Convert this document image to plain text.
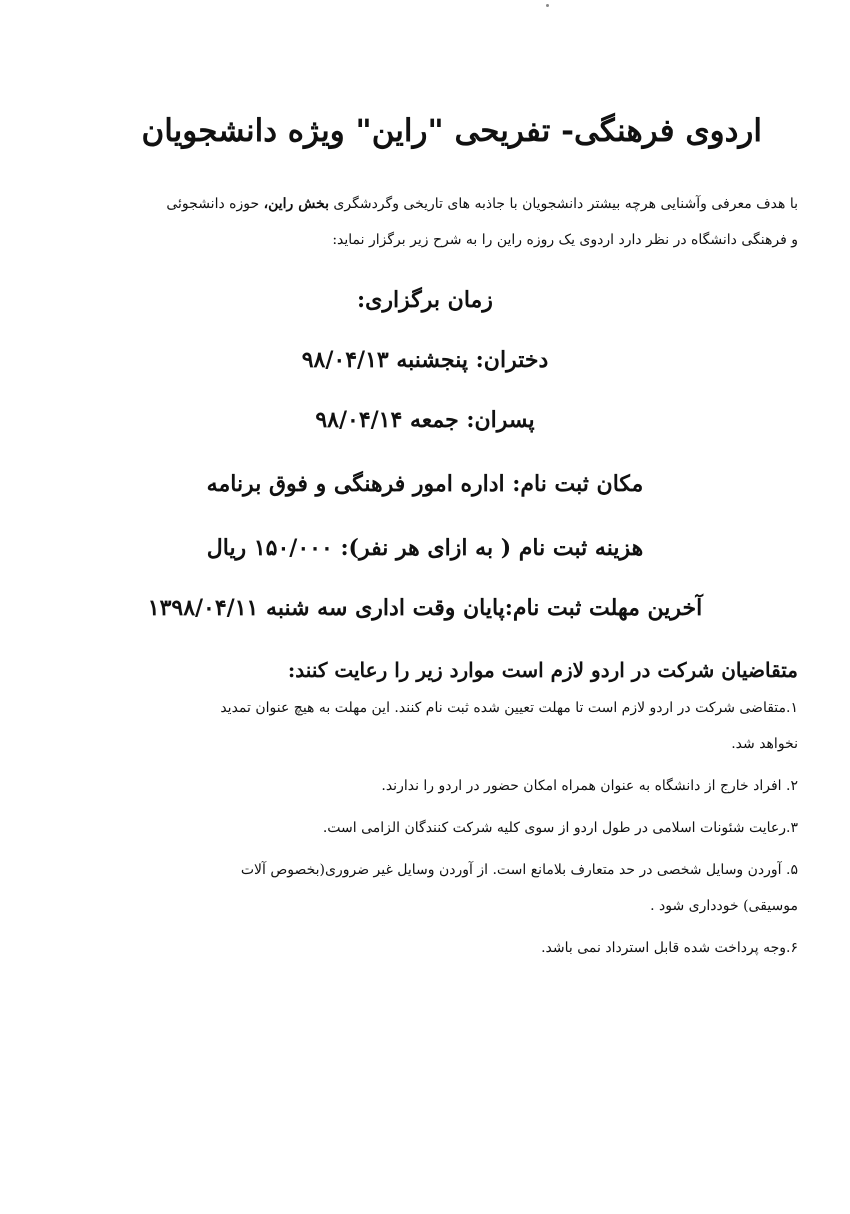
اردوی فرهنگی- تفریحی "راین" ویژه دانشجویان

با هدف معرفی وآشنایی هرچه بیشتر دانشجویان با جاذبه های تاریخی وگردشگری بخش راین، حوزه دانشجوئی

و فرهنگی دانشگاه در نظر دارد اردوی یک روزه راین را به شرح زیر برگزار نماید:

زمان برگزاری:
دختران: پنجشنبه ۹۸/۰۴/۱۳
پسران: جمعه ۹۸/۰۴/۱۴
مکان ثبت نام: اداره امور فرهنگی و فوق برنامه
هزینه ثبت نام ( به ازای هر نفر): ۱۵۰/۰۰۰ ریال
آخرین مهلت ثبت نام:پایان وقت اداری سه شنبه ۱۳۹۸/۰۴/۱۱
متقاضیان شرکت در اردو لازم است موارد زیر را رعایت کنند:
۱.متقاضی شرکت در اردو لازم است تا مهلت تعیین شده ثبت نام کنند. این مهلت به هیچ عنوان تمدید
نخواهد شد.
۲. افراد خارج از دانشگاه به عنوان همراه امکان حضور در اردو را ندارند.
۳.رعایت شئونات اسلامی در طول اردو از سوی کلیه شرکت کنندگان الزامی است.
۵. آوردن وسایل شخصی در حد متعارف بلامانع است. از آوردن وسایل غیر ضروری(بخصوص آلات
موسیقی) خودداری شود .
۶.وجه پرداخت شده قابل استرداد نمی باشد.
